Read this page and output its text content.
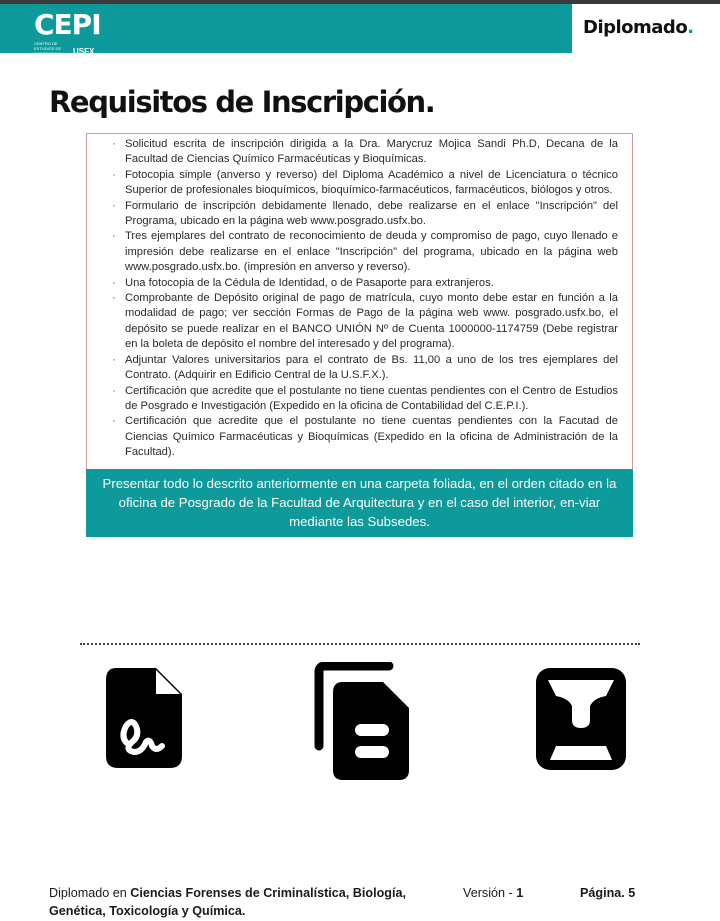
CEPI
CENTRO DE ESTUDIOS DE POSGRADO E INVESTIGACIÓN
USFX
Diplomado.
Requisitos de Inscripción.
· Solicitud escrita de inscripción dirigida a la Dra. Marycruz Mojica Sandi Ph.D, Decana de la Facultad de Ciencias Químico Farmacéuticas y Bioquímicas.
· Fotocopia simple (anverso y reverso) del Diploma Académico a nivel de Licenciatura o técnico Superior de profesionales bioquímicos, bioquímico-farmacéuticos, farmacéuticos, biólogos y otros.
· Formulario de inscripción debidamente llenado, debe realizarse en el enlace "Inscripción" del Programa, ubicado en la página web www.posgrado.usfx.bo.
· Tres ejemplares del contrato de reconocimiento de deuda y compromiso de pago, cuyo llenado e impresión debe realizarse en el enlace "Inscripción" del programa, ubicado en la página web www.posgrado.usfx.bo. (impresión en anverso y reverso).
· Una fotocopia de la Cédula de Identidad, o de Pasaporte para extranjeros.
· Comprobante de Depósito original de pago de matrícula, cuyo monto debe estar en función a la modalidad de pago; ver sección Formas de Pago de la página web www. posgrado.usfx.bo, el depósito se puede realizar en el BANCO UNIÓN Nº de Cuenta 1000000-1174759 (Debe registrar en la boleta de depósito el nombre del interesado y del programa).
· Adjuntar Valores universitarios para el contrato de Bs. 11,00 a uno de los tres ejemplares del Contrato. (Adquirir en Edificio Central de la U.S.F.X.).
· Certificación que acredite que el postulante no tiene cuentas pendientes con el Centro de Estudios de Posgrado e Investigación (Expedido en la oficina de Contabilidad del C.E.P.I.).
· Certificación que acredite que el postulante no tiene cuentas pendientes con la Facutad de Ciencias Químico Farmacéuticas y Bioquímicas (Expedido en la oficina de Administración de la Facultad).
Presentar todo lo descrito anteriormente en una carpeta foliada, en el orden citado en la oficina de Posgrado de la Facultad de Arquitectura y en el caso del interior, en-viar mediante las Subsedes.
Diplomado en Ciencias Forenses de Criminalística, Biología, Genética, Toxicología y Química.
Versión - 1	Página. 5
